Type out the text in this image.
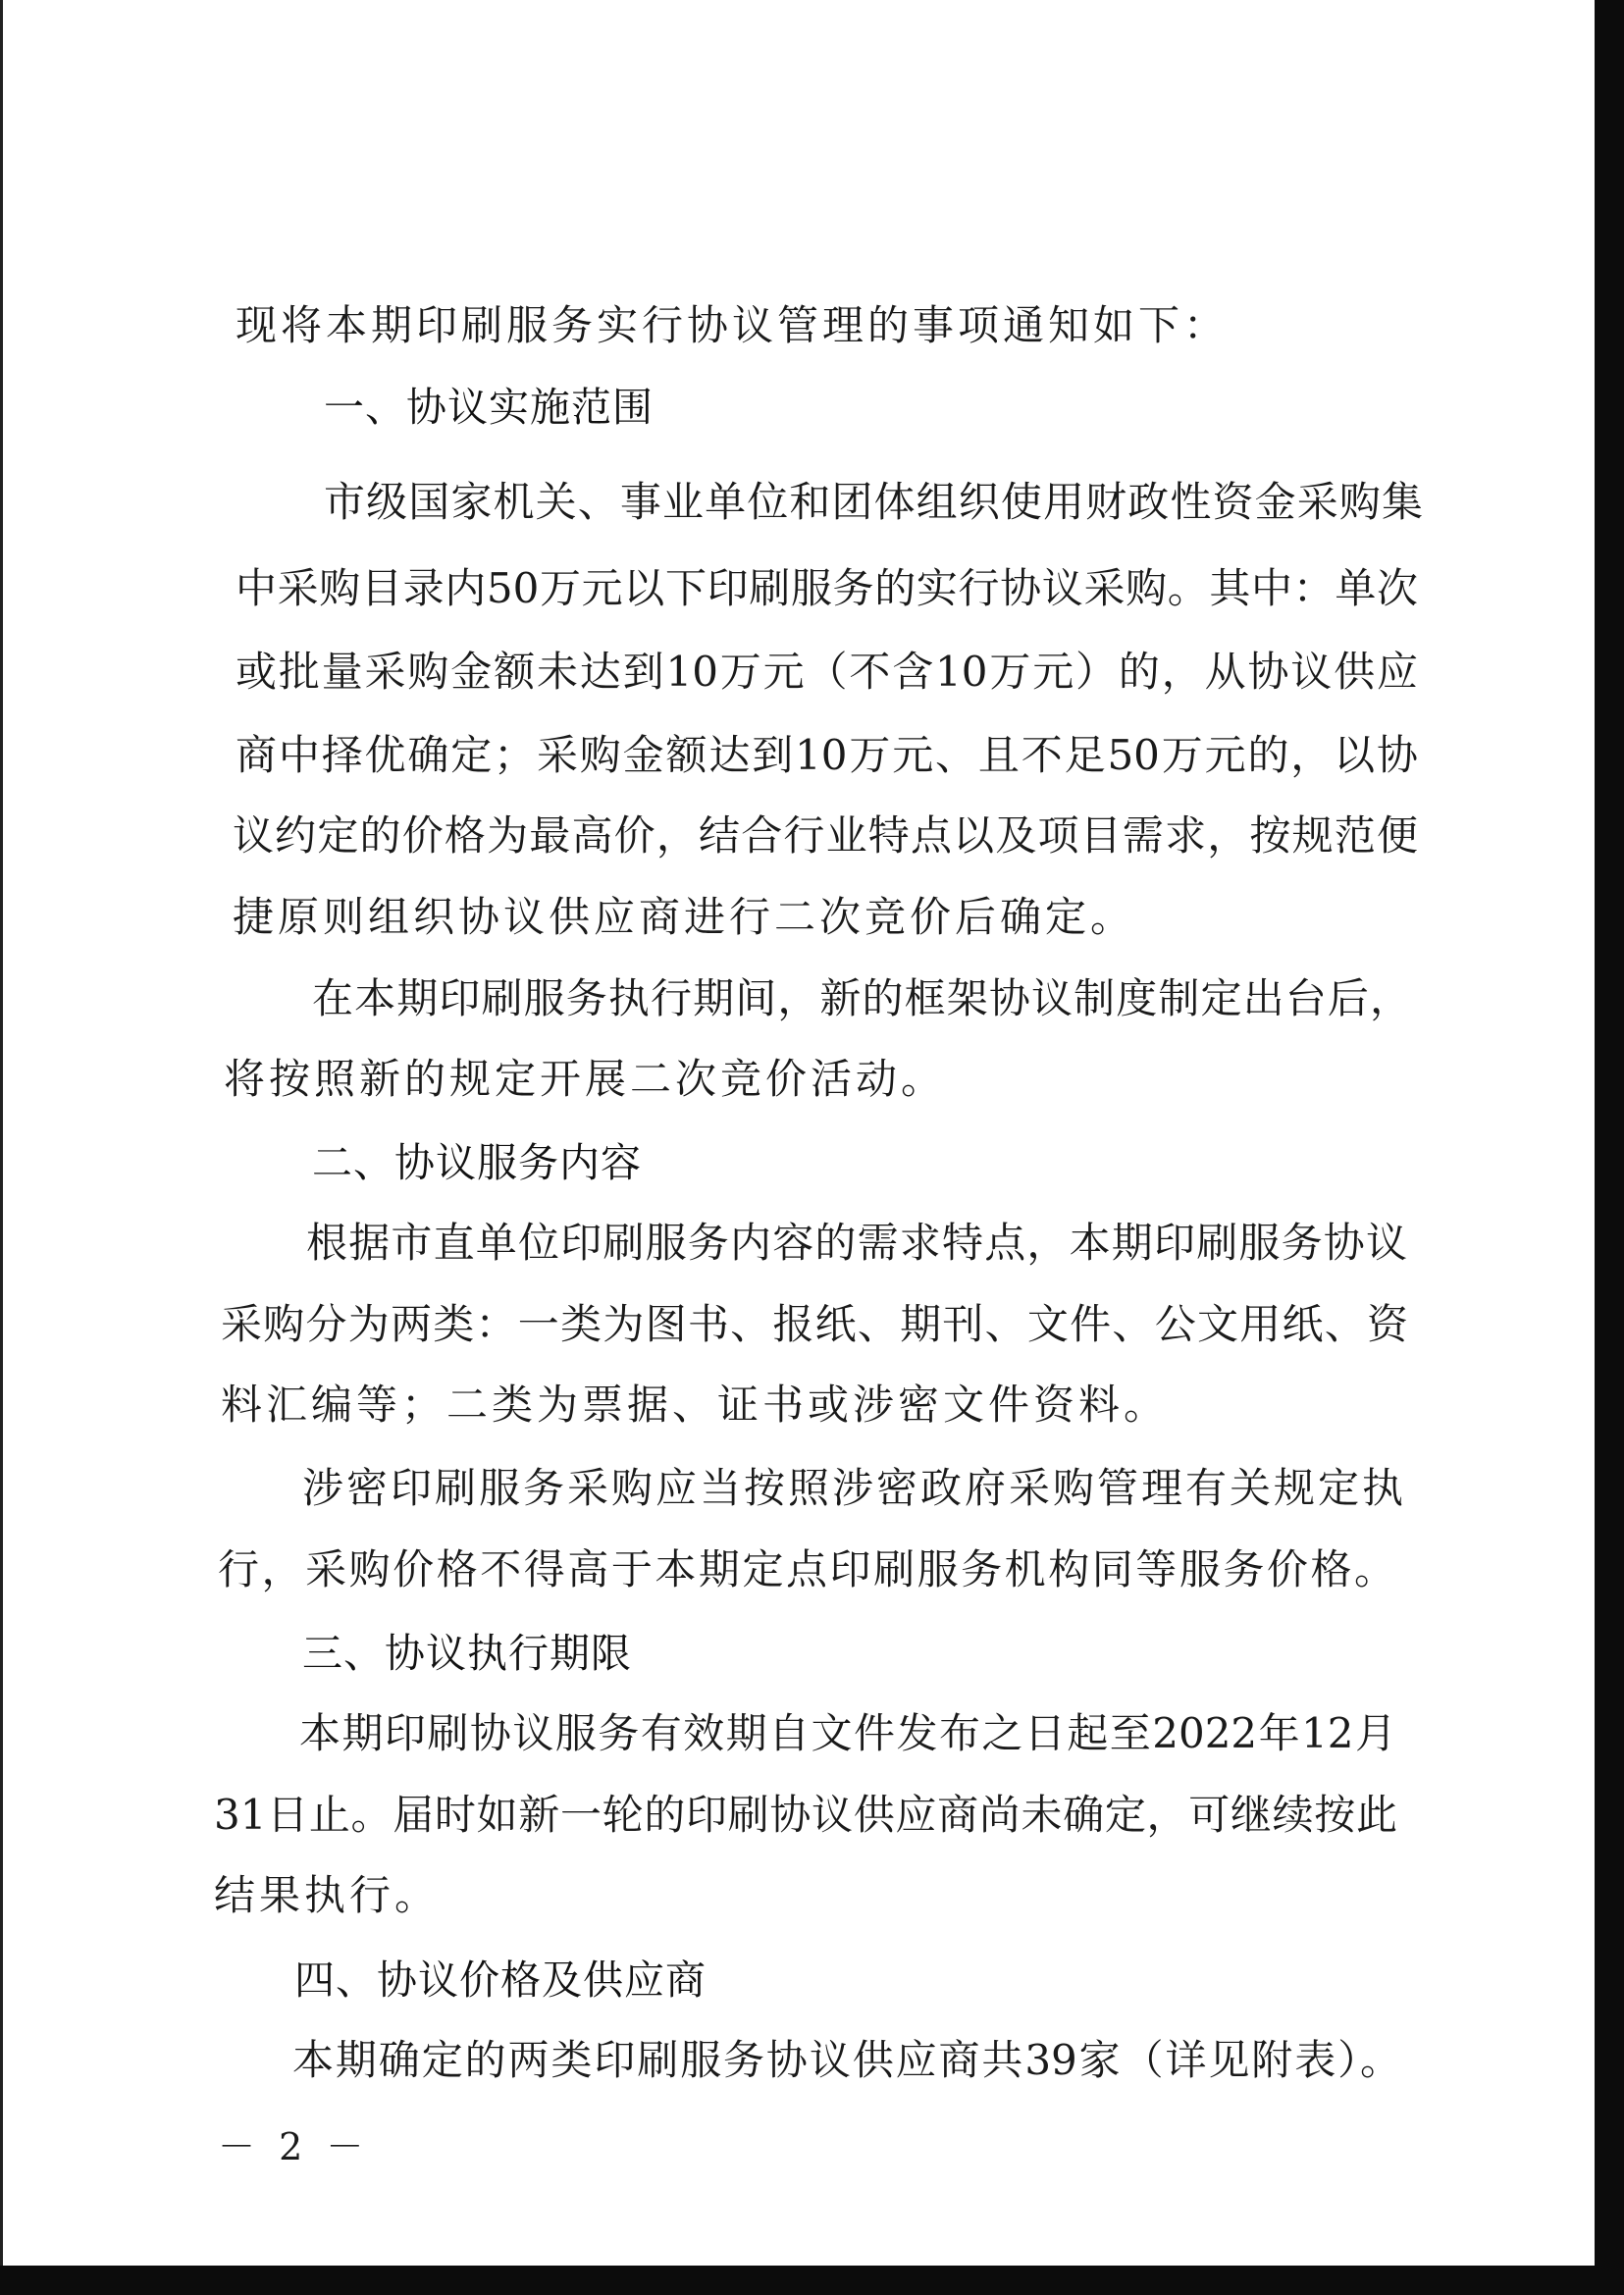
现将本期印刷服务实行协议管理的事项通知如下：

一、协议实施范围

市级国家机关、事业单位和团体组织使用财政性资金采购集

中采购目录内50万元以下印刷服务的实行协议采购。其中：单次

或批量采购金额未达到10万元（不含10万元）的，从协议供应

商中择优确定；采购金额达到10万元、且不足50万元的，以协

议约定的价格为最高价，结合行业特点以及项目需求，按规范便

捷原则组织协议供应商进行二次竞价后确定。

在本期印刷服务执行期间，新的框架协议制度制定出台后，

将按照新的规定开展二次竞价活动。

二、协议服务内容

根据市直单位印刷服务内容的需求特点，本期印刷服务协议

采购分为两类：一类为图书、报纸、期刊、文件、公文用纸、资

料汇编等；二类为票据、证书或涉密文件资料。

涉密印刷服务采购应当按照涉密政府采购管理有关规定执

行，采购价格不得高于本期定点印刷服务机构同等服务价格。

三、协议执行期限

本期印刷协议服务有效期自文件发布之日起至2022年12月

31日止。届时如新一轮的印刷协议供应商尚未确定，可继续按此

结果执行。

四、协议价格及供应商

本期确定的两类印刷服务协议供应商共39家（详见附表）。

－ 2 －
